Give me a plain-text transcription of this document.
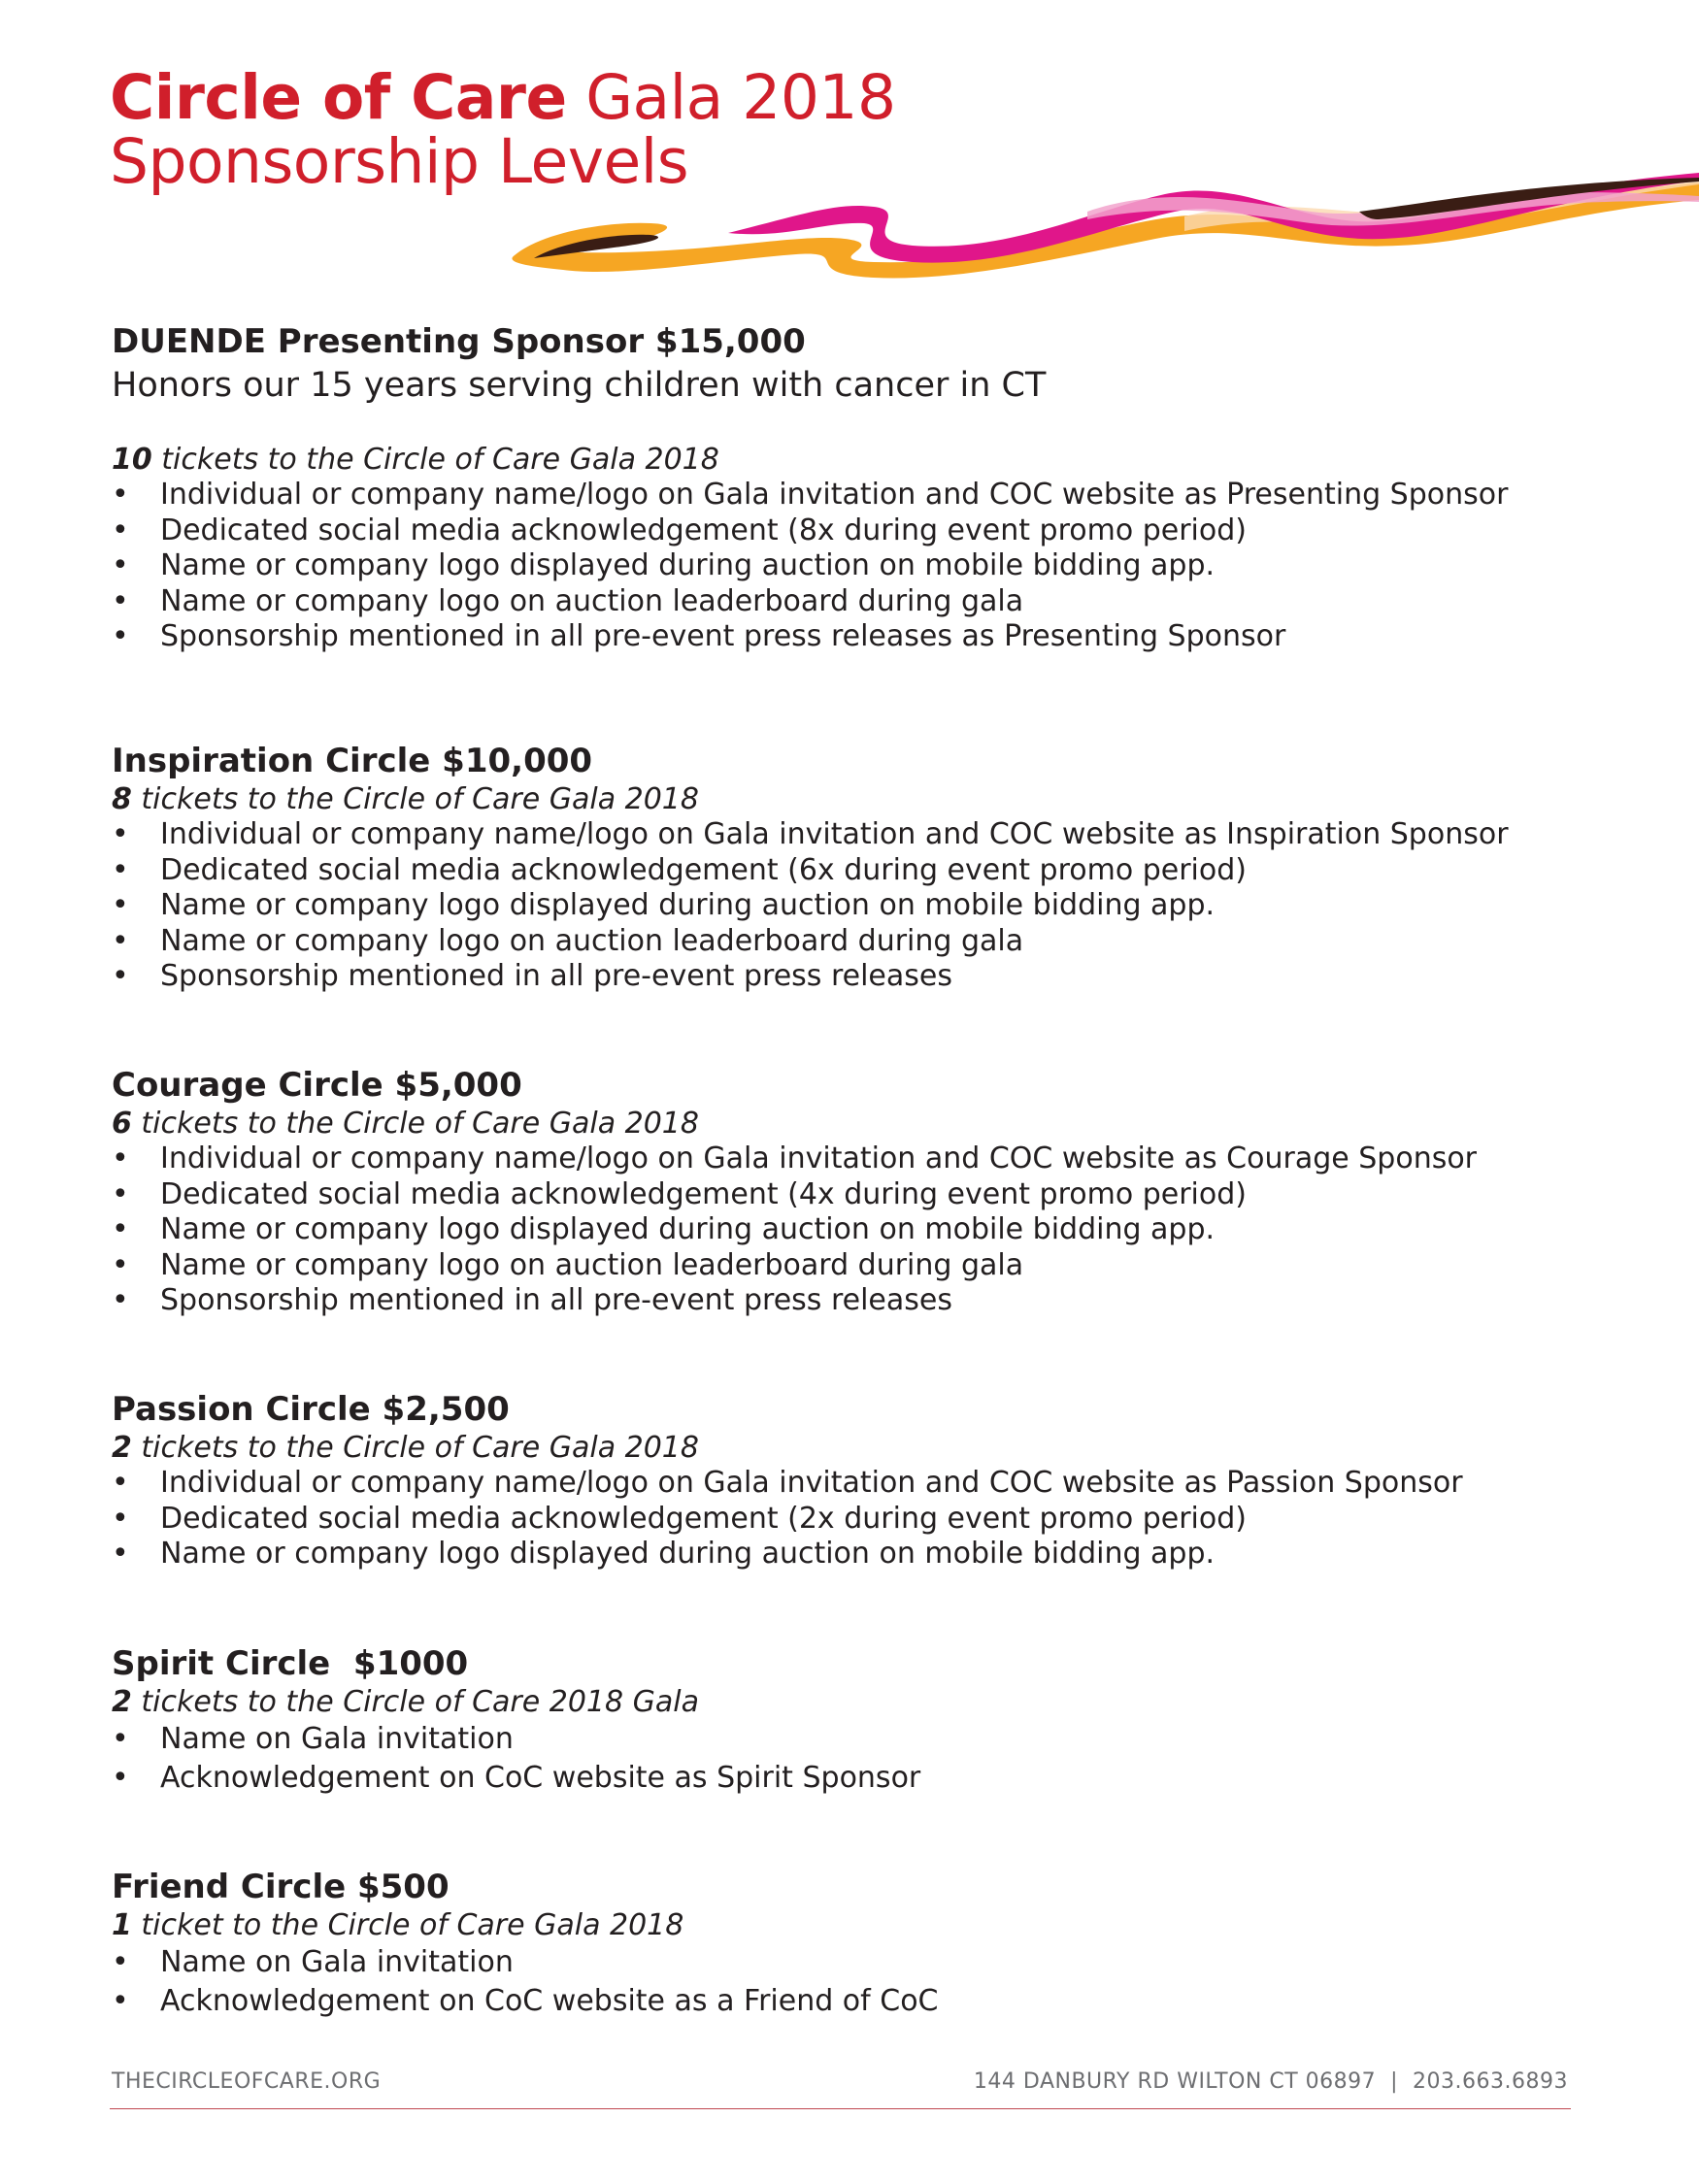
Circle of Care Gala 2018
Sponsorship Levels
DUENDE Presenting Sponsor $15,000
Honors our 15 years serving children with cancer in CT
10 tickets to the Circle of Care Gala 2018
• Individual or company name/logo on Gala invitation and COC website as Presenting Sponsor
• Dedicated social media acknowledgement (8x during event promo period)
• Name or company logo displayed during auction on mobile bidding app.
• Name or company logo on auction leaderboard during gala
• Sponsorship mentioned in all pre-event press releases as Presenting Sponsor
Inspiration Circle $10,000
8 tickets to the Circle of Care Gala 2018
• Individual or company name/logo on Gala invitation and COC website as Inspiration Sponsor
• Dedicated social media acknowledgement (6x during event promo period)
• Name or company logo displayed during auction on mobile bidding app.
• Name or company logo on auction leaderboard during gala
• Sponsorship mentioned in all pre-event press releases
Courage Circle $5,000
6 tickets to the Circle of Care Gala 2018
• Individual or company name/logo on Gala invitation and COC website as Courage Sponsor
• Dedicated social media acknowledgement (4x during event promo period)
• Name or company logo displayed during auction on mobile bidding app.
• Name or company logo on auction leaderboard during gala
• Sponsorship mentioned in all pre-event press releases
Passion Circle $2,500
2 tickets to the Circle of Care Gala 2018
• Individual or company name/logo on Gala invitation and COC website as Passion Sponsor
• Dedicated social media acknowledgement (2x during event promo period)
• Name or company logo displayed during auction on mobile bidding app.
Spirit Circle  $1000
2 tickets to the Circle of Care 2018 Gala
• Name on Gala invitation
• Acknowledgement on CoC website as Spirit Sponsor
Friend Circle $500
1 ticket to the Circle of Care Gala 2018
• Name on Gala invitation
• Acknowledgement on CoC website as a Friend of CoC
THECIRCLEOFCARE.ORG	144 DANBURY RD WILTON CT 06897  |  203.663.6893
